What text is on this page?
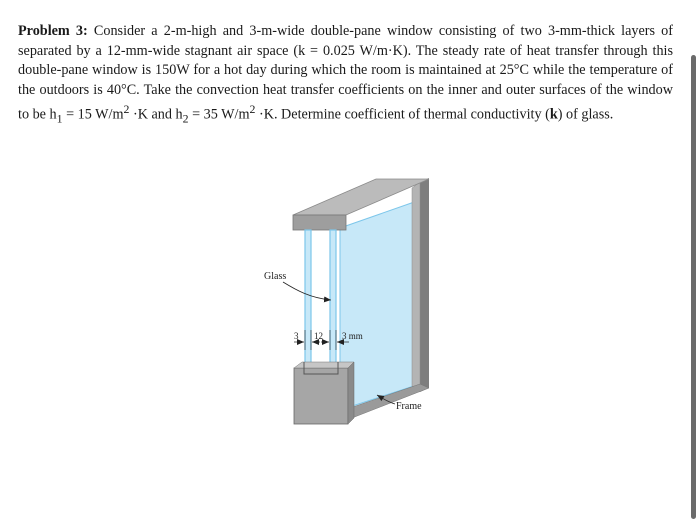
Problem 3: Consider a 2-m-high and 3-m-wide double-pane window consisting of two 3-mm-thick layers of separated by a 12-mm-wide stagnant air space (k = 0.025 W/m·K). The steady rate of heat transfer through this double-pane window is 150W for a hot day during which the room is maintained at 25°C while the temperature of the outdoors is 40°C. Take the convection heat transfer coefficients on the inner and outer surfaces of the window to be $h_1 = 15$ $W/m^2 \cdot K$ and $h_2 = 35$ $W/m^2 \cdot K$. Determine coefficient of thermal conductivity (k) of glass.

Glass
3 12 3 mm
Frame
